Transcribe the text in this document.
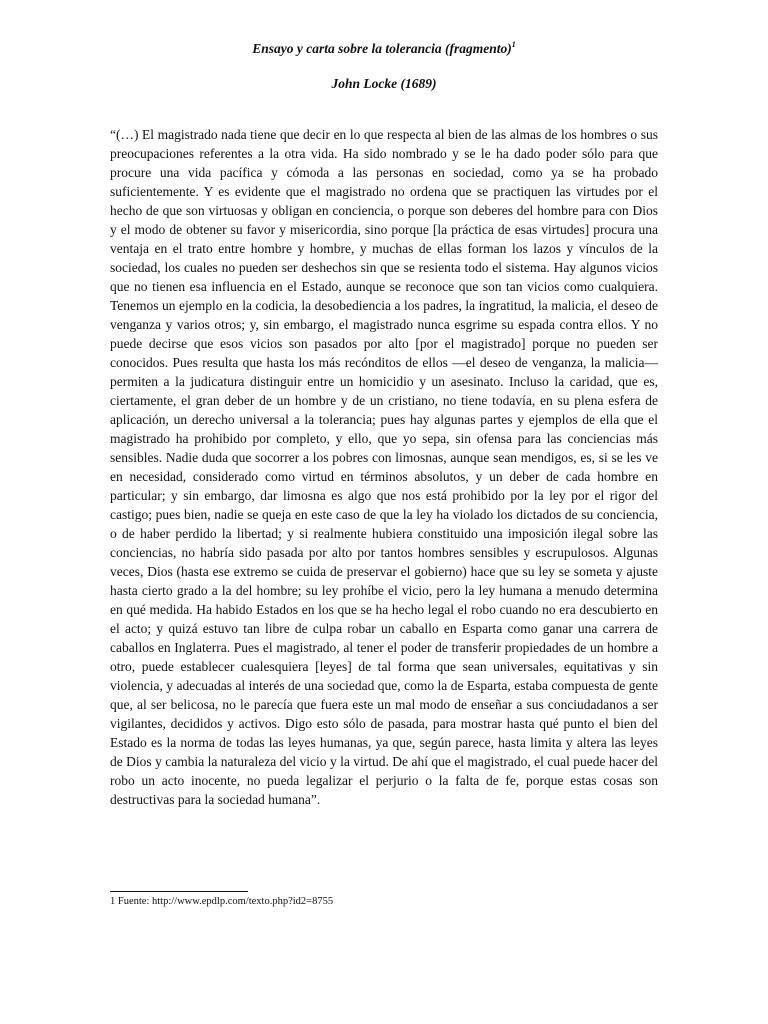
Ensayo y carta sobre la tolerancia (fragmento)$^1$
John Locke (1689)
“(…) El magistrado nada tiene que decir en lo que respecta al bien de las almas de los hombres o sus preocupaciones referentes a la otra vida. Ha sido nombrado y se le ha dado poder sólo para que procure una vida pacífica y cómoda a las personas en sociedad, como ya se ha probado suficientemente. Y es evidente que el magistrado no ordena que se practiquen las virtudes por el hecho de que son virtuosas y obligan en conciencia, o porque son deberes del hombre para con Dios y el modo de obtener su favor y misericordia, sino porque [la práctica de esas virtudes] procura una ventaja en el trato entre hombre y hombre, y muchas de ellas forman los lazos y vínculos de la sociedad, los cuales no pueden ser deshechos sin que se resienta todo el sistema. Hay algunos vicios que no tienen esa influencia en el Estado, aunque se reconoce que son tan vicios como cualquiera. Tenemos un ejemplo en la codicia, la desobediencia a los padres, la ingratitud, la malicia, el deseo de venganza y varios otros; y, sin embargo, el magistrado nunca esgrime su espada contra ellos. Y no puede decirse que esos vicios son pasados por alto [por el magistrado] porque no pueden ser conocidos. Pues resulta que hasta los más recónditos de ellos —el deseo de venganza, la malicia— permiten a la judicatura distinguir entre un homicidio y un asesinato. Incluso la caridad, que es, ciertamente, el gran deber de un hombre y de un cristiano, no tiene todavía, en su plena esfera de aplicación, un derecho universal a la tolerancia; pues hay algunas partes y ejemplos de ella que el magistrado ha prohibido por completo, y ello, que yo sepa, sin ofensa para las conciencias más sensibles. Nadie duda que socorrer a los pobres con limosnas, aunque sean mendigos, es, si se les ve en necesidad, considerado como virtud en términos absolutos, y un deber de cada hombre en particular; y sin embargo, dar limosna es algo que nos está prohibido por la ley por el rigor del castigo; pues bien, nadie se queja en este caso de que la ley ha violado los dictados de su conciencia, o de haber perdido la libertad; y si realmente hubiera constituido una imposición ilegal sobre las conciencias, no habría sido pasada por alto por tantos hombres sensibles y escrupulosos. Algunas veces, Dios (hasta ese extremo se cuida de preservar el gobierno) hace que su ley se someta y ajuste hasta cierto grado a la del hombre; su ley prohíbe el vicio, pero la ley humana a menudo determina en qué medida. Ha habido Estados en los que se ha hecho legal el robo cuando no era descubierto en el acto; y quizá estuvo tan libre de culpa robar un caballo en Esparta como ganar una carrera de caballos en Inglaterra. Pues el magistrado, al tener el poder de transferir propiedades de un hombre a otro, puede establecer cualesquiera [leyes] de tal forma que sean universales, equitativas y sin violencia, y adecuadas al interés de una sociedad que, como la de Esparta, estaba compuesta de gente que, al ser belicosa, no le parecía que fuera este un mal modo de enseñar a sus conciudadanos a ser vigilantes, decididos y activos. Digo esto sólo de pasada, para mostrar hasta qué punto el bien del Estado es la norma de todas las leyes humanas, ya que, según parece, hasta limita y altera las leyes de Dios y cambia la naturaleza del vicio y la virtud. De ahí que el magistrado, el cual puede hacer del robo un acto inocente, no pueda legalizar el perjurio o la falta de fe, porque estas cosas son destructivas para la sociedad humana”.
1 Fuente: http://www.epdlp.com/texto.php?id2=8755
